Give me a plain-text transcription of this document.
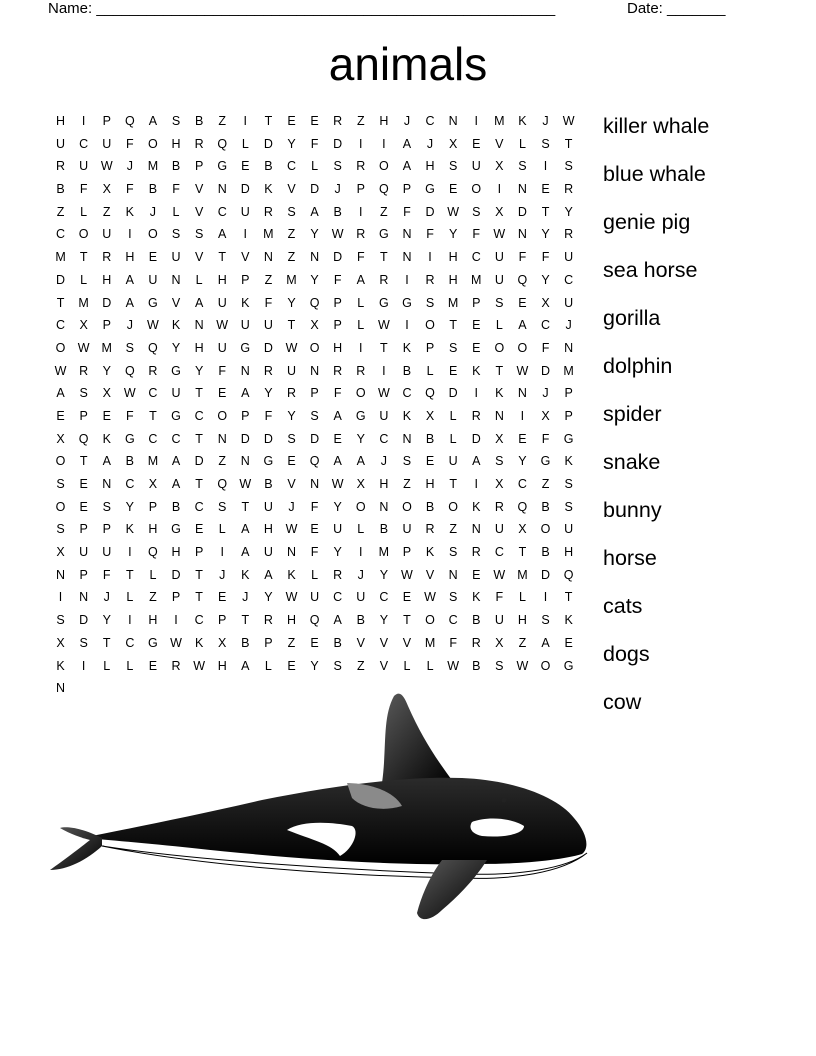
Name: _______________________________________________________

	Date: _______

animals
H	I	P	Q	A	S	B	Z	I	T	E	E	R	Z	H	J	C	N	I	M	K	J	W
U	C	U	F	O	H	R	Q	L	D	Y	F	D	I	I	A	J	X	E	V	L	S	T
R	U	W	J	M	B	P	G	E	B	C	L	S	R	O	A	H	S	U	X	S	I	S
B	F	X	F	B	F	V	N	D	K	V	D	J	P	Q	P	G	E	O	I	N	E	R
Z	L	Z	K	J	L	V	C	U	R	S	A	B	I	Z	F	D	W	S	X	D	T	Y
C	O	U	I	O	S	S	A	I	M	Z	Y	W	R	G	N	F	Y	F	W	N	Y	R
M	T	R	H	E	U	V	T	V	N	Z	N	D	F	T	N	I	H	C	U	F	F	U
D	L	H	A	U	N	L	H	P	Z	M	Y	F	A	R	I	R	H	M	U	Q	Y	C
T	M	D	A	G	V	A	U	K	F	Y	Q	P	L	G	G	S	M	P	S	E	X	U
C	X	P	J	W	K	N	W	U	U	T	X	P	L	W	I	O	T	E	L	A	C	J
O W M	S	Q	Y	H	U	G	D	W O	H	I	T	K	P	S	E	O	O	F	N
W	R	Y	Q	R	G	Y	F	N	R	U	N	R	R	I	B	L	E	K	T	W	D	M
A	S	X	W	C	U	T	E	A	Y	R	P	F	O W	C	Q	D	I	K	N	J	P
E	P	E	F	T	G	C	O	P	F	Y	S	A	G	U	K	X	L	R	N	I	X	P
X	Q	K	G	C	C	T	N	D	D	S	D	E	Y	C	N	B	L	D	X	E	F	G
O	T	A	B	M	A	D	Z	N	G	E	Q	A	A	J	S	E	U	A	S	Y	G	K
S	E	N	C	X	A	T	Q W	B	V	N	W	X	H	Z	H	T	I	X	C	Z	S
O	E	S	Y	P	B	C	S	T	U	J	F	Y	O	N	O	B	O	K	R	Q	B	S
S	P	P	K	H	G	E	L	A	H	W	E	U	L	B	U	R	Z	N	U	X	O	U
X	U	U	I	Q	H	P	I	A	U	N	F	Y	I	M	P	K	S	R	C	T	B	H
N	P	F	T	L	D	T	J	K	A	K	L	R	J	Y	W	V	N	E	W M	D	Q
I	N	J	L	Z	P	T	E	J	Y	W	U	C	U	C	E	W	S	K	F	L	I	T
S	D	Y	I	H	I	C	P	T	R	H	Q	A	B	Y	T	O	C	B	U	H	S	K
X	S	T	C	G W	K	X	B	P	Z	E	B	V	V	V	M	F	R	X	Z	A	E
K	I	L	L	E	R	W	H	A	L	E	Y	S	Z	V	L	L	W	B	S	W O	G
N
killer whale
blue whale
genie pig
sea horse
gorilla
dolphin
spider
snake
bunny
horse
cats
dogs
cow
